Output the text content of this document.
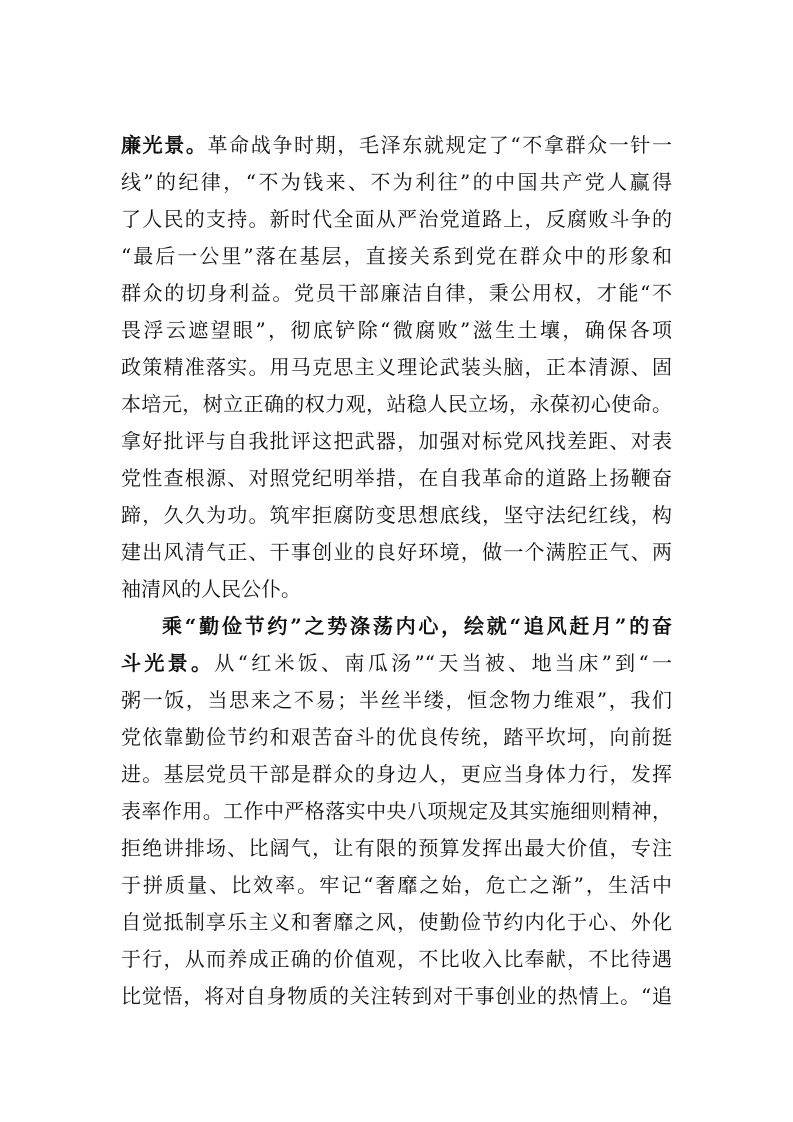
廉光景。革命战争时期，毛泽东就规定了“不拿群众一针一
线”的纪律，“不为钱来、不为利往”的中国共产党人赢得
了人民的支持。新时代全面从严治党道路上，反腐败斗争的
“最后一公里”落在基层，直接关系到党在群众中的形象和
群众的切身利益。党员干部廉洁自律，秉公用权，才能“不
畏浮云遮望眼”，彻底铲除“微腐败”滋生土壤，确保各项
政策精准落实。用马克思主义理论武装头脑，正本清源、固
本培元，树立正确的权力观，站稳人民立场，永葆初心使命。
拿好批评与自我批评这把武器，加强对标党风找差距、对表
党性查根源、对照党纪明举措，在自我革命的道路上扬鞭奋
蹄，久久为功。筑牢拒腐防变思想底线，坚守法纪红线，构
建出风清气正、干事创业的良好环境，做一个满腔正气、两
袖清风的人民公仆。
乘“勤俭节约”之势涤荡内心，绘就“追风赶月”的奋
斗光景。从“红米饭、南瓜汤”“天当被、地当床”到“一
粥一饭，当思来之不易；半丝半缕，恒念物力维艰”，我们
党依靠勤俭节约和艰苦奋斗的优良传统，踏平坎坷，向前挺
进。基层党员干部是群众的身边人，更应当身体力行，发挥
表率作用。工作中严格落实中央八项规定及其实施细则精神，
拒绝讲排场、比阔气，让有限的预算发挥出最大价值，专注
于拼质量、比效率。牢记“奢靡之始，危亡之渐”，生活中
自觉抵制享乐主义和奢靡之风，使勤俭节约内化于心、外化
于行，从而养成正确的价值观，不比收入比奉献，不比待遇
比觉悟，将对自身物质的关注转到对干事创业的热情上。“追
